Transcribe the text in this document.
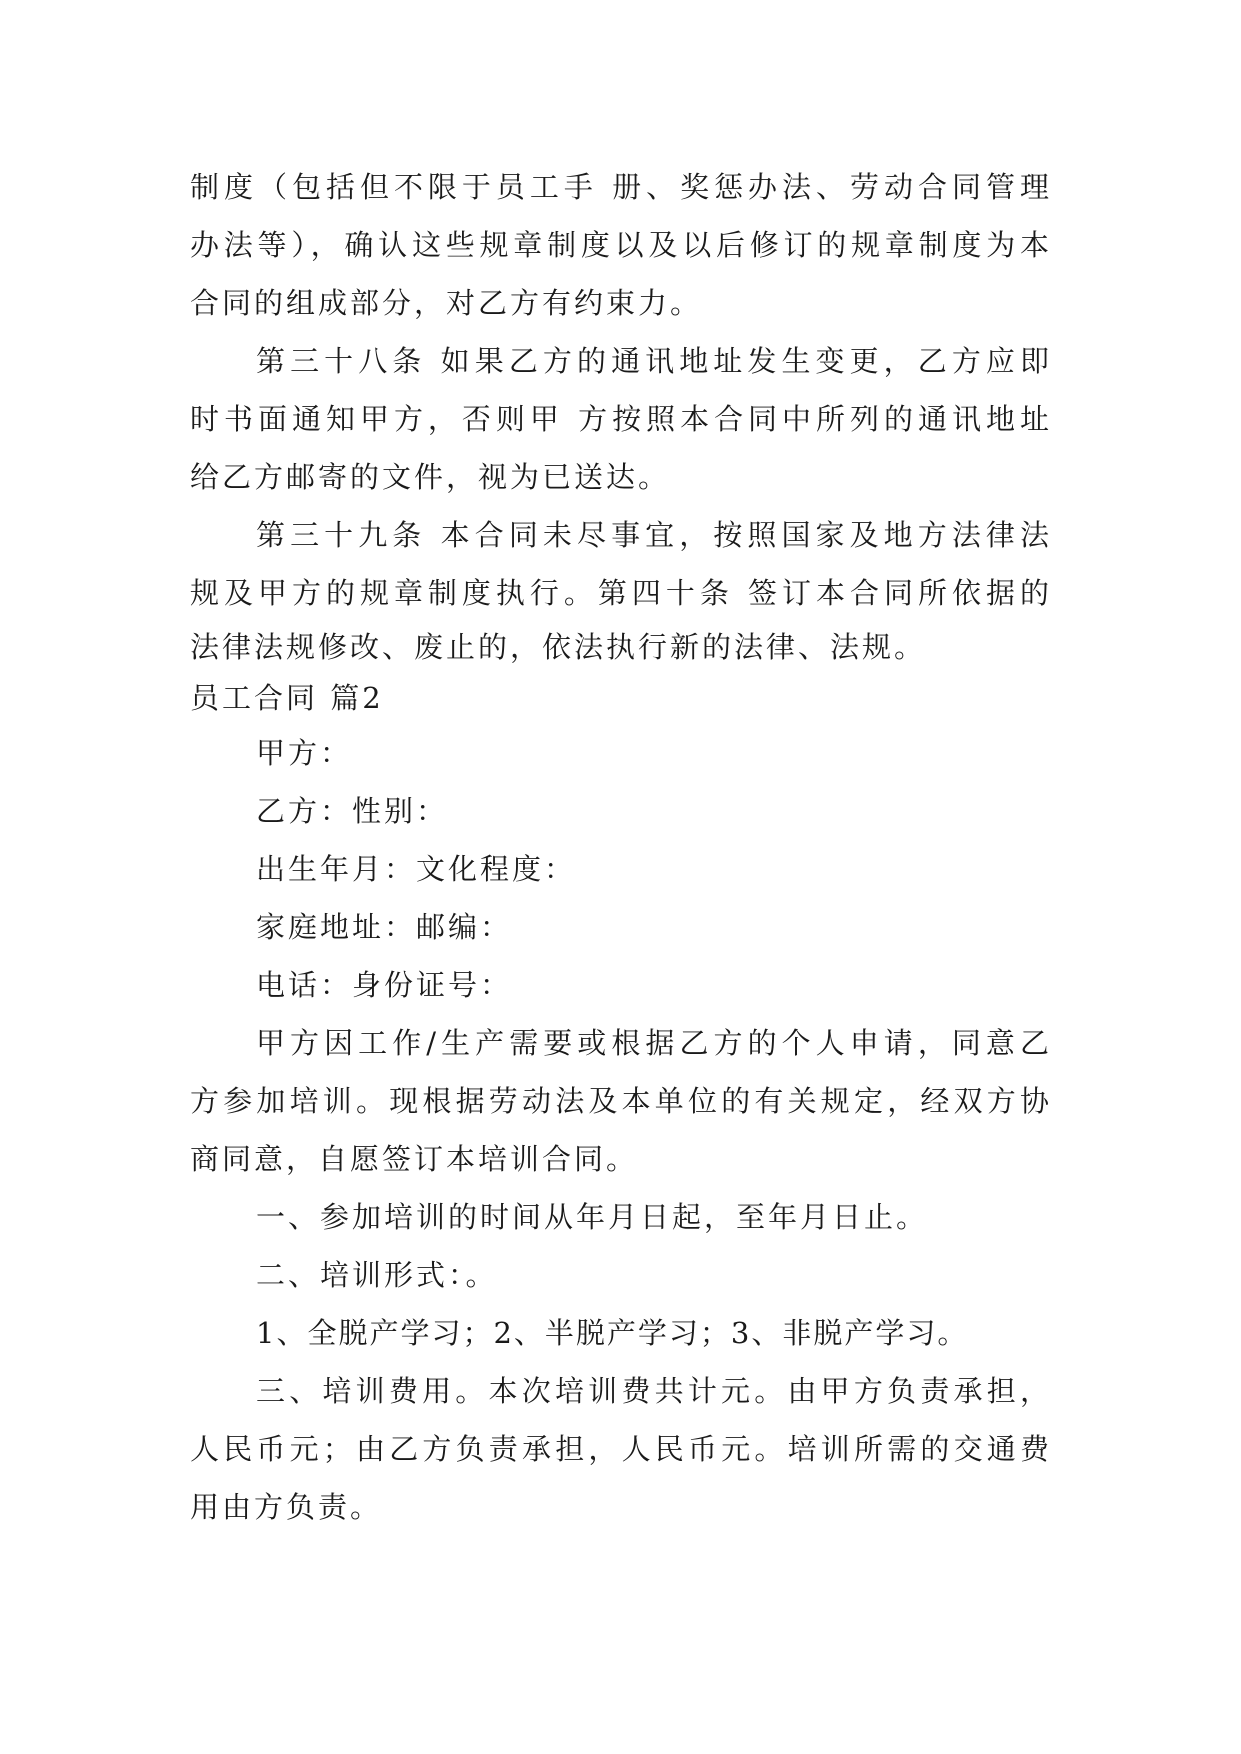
制度（包括但不限于员工手 册、奖惩办法、劳动合同管理
办法等），确认这些规章制度以及以后修订的规章制度为本
合同的组成部分，对乙方有约束力。
第三十八条 如果乙方的通讯地址发生变更，乙方应即
时书面通知甲方，否则甲 方按照本合同中所列的通讯地址
给乙方邮寄的文件，视为已送达。
第三十九条 本合同未尽事宜，按照国家及地方法律法
规及甲方的规章制度执行。第四十条 签订本合同所依据的
法律法规修改、废止的，依法执行新的法律、法规。
员工合同 篇2
甲方：
乙方：性别：
出生年月：文化程度：
家庭地址：邮编：
电话：身份证号：
甲方因工作/生产需要或根据乙方的个人申请，同意乙
方参加培训。现根据劳动法及本单位的有关规定，经双方协
商同意，自愿签订本培训合同。
一、参加培训的时间从年月日起，至年月日止。
二、培训形式：。
1、全脱产学习；2、半脱产学习；3、非脱产学习。
三、培训费用。本次培训费共计元。由甲方负责承担，
人民币元；由乙方负责承担，人民币元。培训所需的交通费
用由方负责。
